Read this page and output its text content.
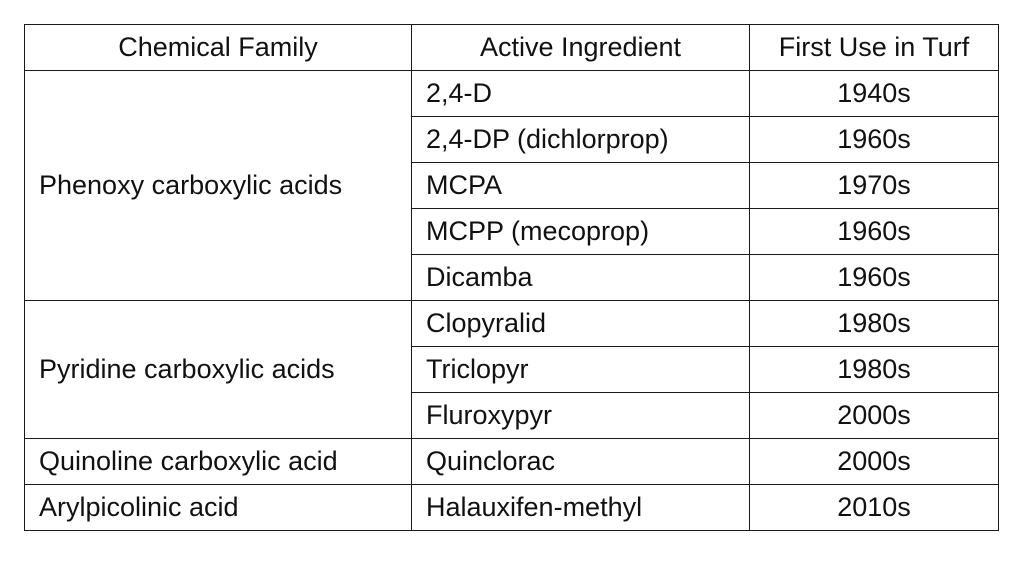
Chemical Family	Active Ingredient	First Use in Turf
Phenoxy carboxylic acids	2,4-D	1940s
	2,4-DP (dichlorprop)	1960s
	MCPA	1970s
	MCPP (mecoprop)	1960s
	Dicamba	1960s
Pyridine carboxylic acids	Clopyralid	1980s
	Triclopyr	1980s
	Fluroxypyr	2000s
Quinoline carboxylic acid	Quinclorac	2000s
Arylpicolinic acid	Halauxifen-methyl	2010s
